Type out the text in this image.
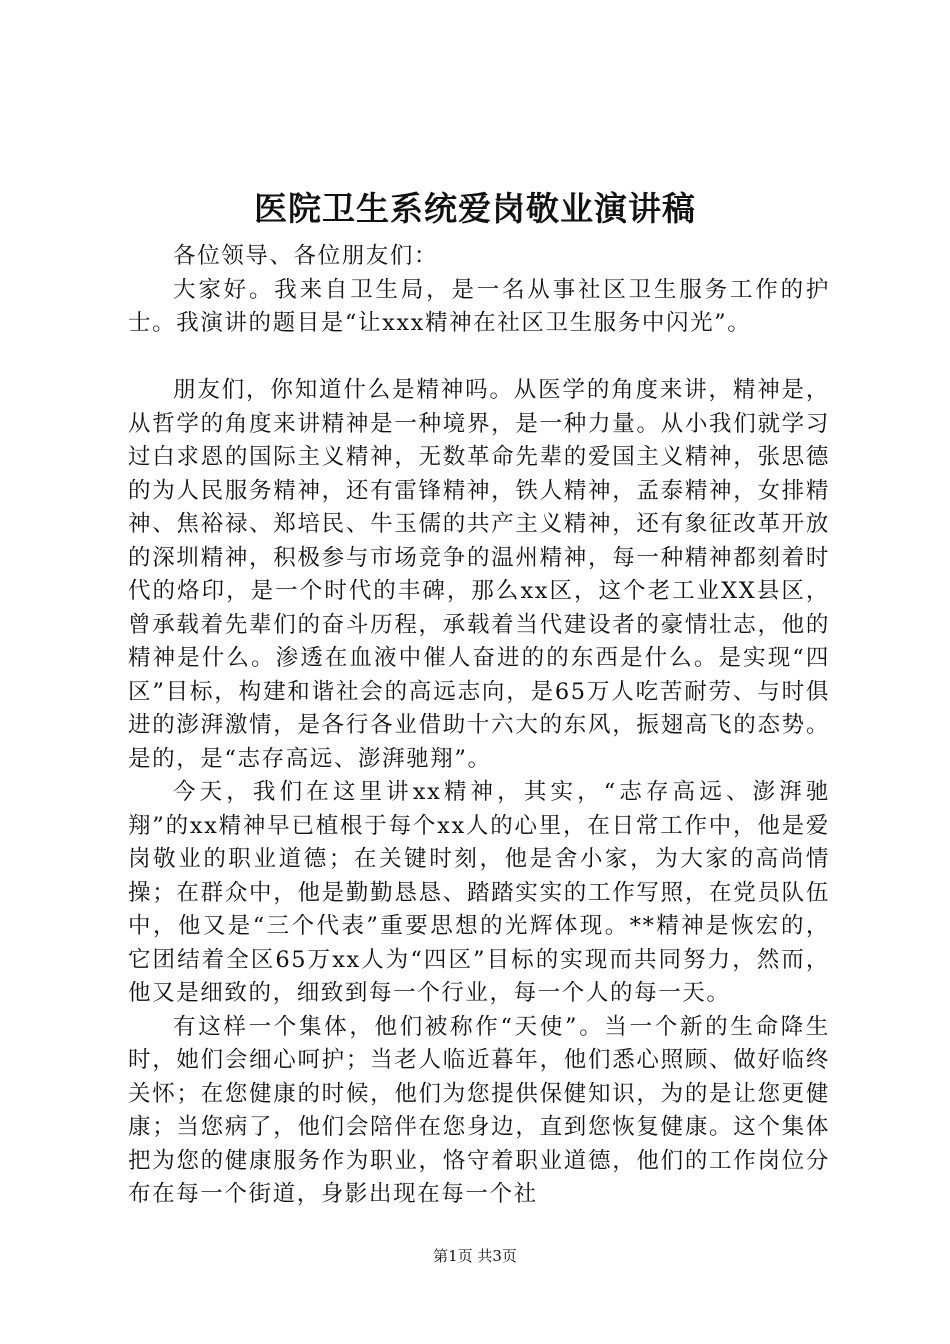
医院卫生系统爱岗敬业演讲稿

各位领导、各位朋友们：

大家好。我来自卫生局，是一名从事社区卫生服务工作的护士。我演讲的题目是“让xxx精神在社区卫生服务中闪光”。

朋友们，你知道什么是精神吗。从医学的角度来讲，精神是，从哲学的角度来讲精神是一种境界，是一种力量。从小我们就学习过白求恩的国际主义精神，无数革命先辈的爱国主义精神，张思德的为人民服务精神，还有雷锋精神，铁人精神，孟泰精神，女排精神、焦裕禄、郑培民、牛玉儒的共产主义精神，还有象征改革开放的深圳精神，积极参与市场竞争的温州精神，每一种精神都刻着时代的烙印，是一个时代的丰碑，那么xx区，这个老工业XX县区，曾承载着先辈们的奋斗历程，承载着当代建设者的豪情壮志，他的精神是什么。渗透在血液中催人奋进的的东西是什么。是实现“四区”目标，构建和谐社会的高远志向，是65万人吃苦耐劳、与时俱进的澎湃激情，是各行各业借助十六大的东风，振翅高飞的态势。是的，是“志存高远、澎湃驰翔”。

今天，我们在这里讲xx精神，其实，“志存高远、澎湃驰翔”的xx精神早已植根于每个xx人的心里，在日常工作中，他是爱岗敬业的职业道德；在关键时刻，他是舍小家，为大家的高尚情操；在群众中，他是勤勤恳恳、踏踏实实的工作写照，在党员队伍中，他又是“三个代表”重要思想的光辉体现。**精神是恢宏的，它团结着全区65万xx人为“四区”目标的实现而共同努力，然而，他又是细致的，细致到每一个行业，每一个人的每一天。

有这样一个集体，他们被称作“天使”。当一个新的生命降生时，她们会细心呵护；当老人临近暮年，他们悉心照顾、做好临终关怀；在您健康的时候，他们为您提供保健知识，为的是让您更健康；当您病了，他们会陪伴在您身边，直到您恢复健康。这个集体把为您的健康服务作为职业，恪守着职业道德，他们的工作岗位分布在每一个街道，身影出现在每一个社

第1页 共3页
